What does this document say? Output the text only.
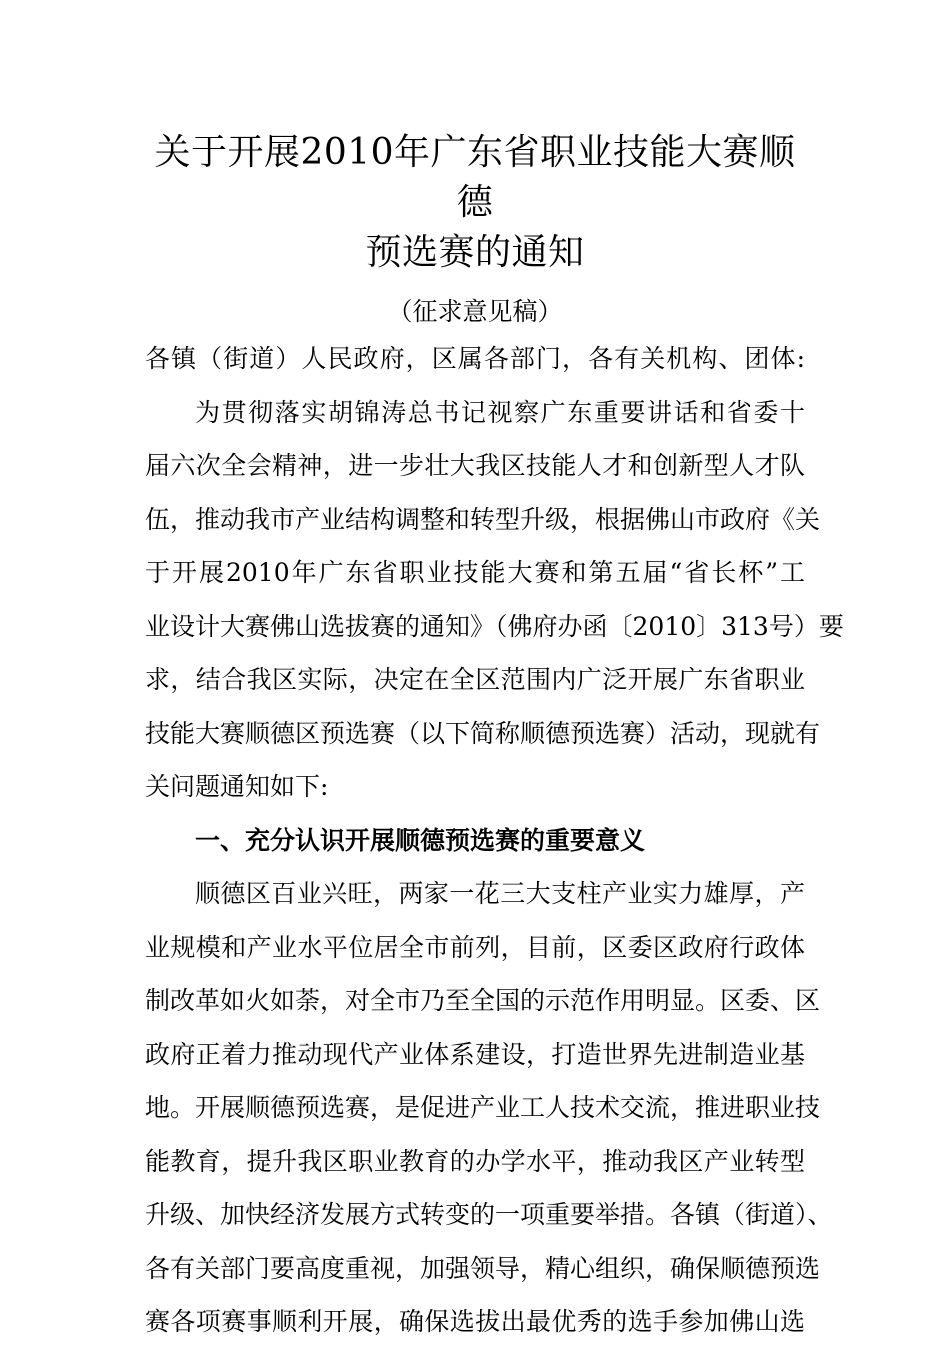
关于开展2010年广东省职业技能大赛顺德
预选赛的通知

（征求意见稿）

各镇（街道）人民政府，区属各部门，各有关机构、团体:

为贯彻落实胡锦涛总书记视察广东重要讲话和省委十

届六次全会精神，进一步壮大我区技能人才和创新型人才队

伍，推动我市产业结构调整和转型升级，根据佛山市政府《关

于开展2010年广东省职业技能大赛和第五届“省长杯”工

业设计大赛佛山选拔赛的通知》（佛府办函〔2010〕313号）要

求，结合我区实际，决定在全区范围内广泛开展广东省职业

技能大赛顺德区预选赛（以下简称顺德预选赛）活动，现就有

关问题通知如下:

一、充分认识开展顺德预选赛的重要意义

顺德区百业兴旺，两家一花三大支柱产业实力雄厚，产

业规模和产业水平位居全市前列，目前，区委区政府行政体

制改革如火如荼，对全市乃至全国的示范作用明显。区委、区

政府正着力推动现代产业体系建设，打造世界先进制造业基

地。开展顺德预选赛，是促进产业工人技术交流，推进职业技

能教育，提升我区职业教育的办学水平，推动我区产业转型

升级、加快经济发展方式转变的一项重要举措。各镇（街道）、

各有关部门要高度重视，加强领导，精心组织，确保顺德预选

赛各项赛事顺利开展，确保选拔出最优秀的选手参加佛山选
